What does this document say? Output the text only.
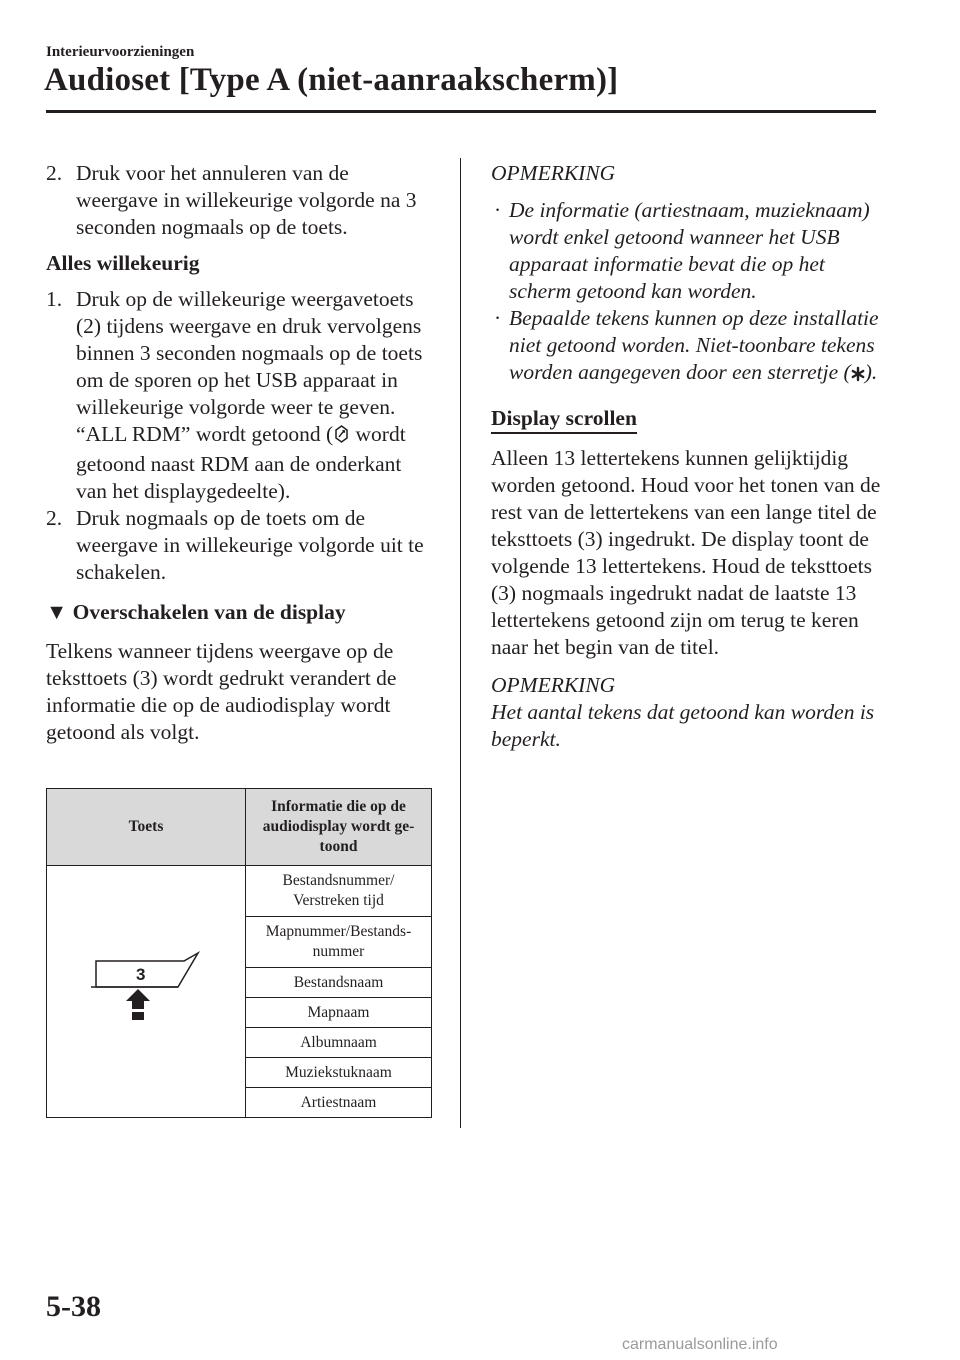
Interieurvoorzieningen
Audioset [Type A (niet-aanraakscherm)]
2. Druk voor het annuleren van de weergave in willekeurige volgorde na 3 seconden nogmaals op de toets.

Alles willekeurig

1. Druk op de willekeurige weergavetoets (2) tijdens weergave en druk vervolgens binnen 3 seconden nogmaals op de toets om de sporen op het USB apparaat in willekeurige volgorde weer te geven. “ALL RDM” wordt getoond ( wordt getoond naast RDM aan de onderkant van het displaygedeelte).
2. Druk nogmaals op de toets om de weergave in willekeurige volgorde uit te schakelen.

▼ Overschakelen van de display

Telkens wanneer tijdens weergave op de teksttoets (3) wordt gedrukt verandert de informatie die op de audiodisplay wordt getoond als volgt.

Toets	Informatie die op de audiodisplay wordt ge- toond

3	Bestandsnummer/ Verstreken tijd
	Mapnummer/Bestands- nummer
	Bestandsnaam
	Mapnaam
	Albumnaam
	Muziekstuknaam
	Artiestnaam

OPMERKING

· De informatie (artiestnaam, muzieknaam) wordt enkel getoond wanneer het USB apparaat informatie bevat die op het scherm getoond kan worden.
· Bepaalde tekens kunnen op deze installatie niet getoond worden. Niet-toonbare tekens worden aangegeven door een sterretje ( ).
Display scrollen

Alleen 13 lettertekens kunnen gelijktijdig worden getoond. Houd voor het tonen van de rest van de lettertekens van een lange titel de teksttoets (3) ingedrukt. De display toont de volgende 13 lettertekens. Houd de teksttoets (3) nogmaals ingedrukt nadat de laatste 13 lettertekens getoond zijn om terug te keren naar het begin van de titel.

OPMERKING

Het aantal tekens dat getoond kan worden is beperkt.

5-38
carmanualsonline.info
